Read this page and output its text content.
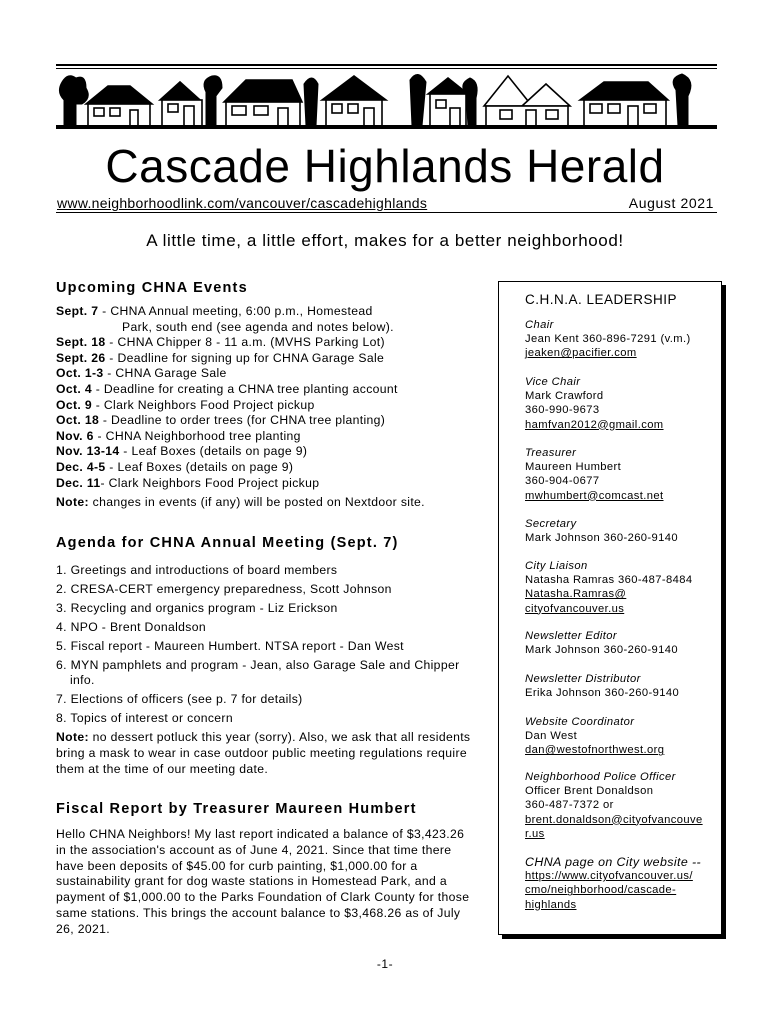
Cascade Highlands Herald
www.neighborhoodlink.com/vancouver/cascadehighlands	August 2021
A little time, a little effort, makes for a better neighborhood!
Upcoming CHNA Events
Sept. 7 - CHNA Annual meeting, 6:00 p.m., Homestead
Park, south end (see agenda and notes below).
Sept. 18 - CHNA Chipper 8 - 11 a.m. (MVHS Parking Lot)
Sept. 26 - Deadline for signing up for CHNA Garage Sale
Oct. 1-3 - CHNA Garage Sale
Oct. 4 - Deadline for creating a CHNA tree planting account
Oct. 9 - Clark Neighbors Food Project pickup
Oct. 18 - Deadline to order trees (for CHNA tree planting)
Nov. 6 - CHNA Neighborhood tree planting
Nov. 13-14 - Leaf Boxes (details on page 9)
Dec. 4-5 - Leaf Boxes (details on page 9)
Dec. 11- Clark Neighbors Food Project pickup
Note: changes in events (if any) will be posted on Nextdoor site.
Agenda for CHNA Annual Meeting (Sept. 7)
1. Greetings and introductions of board members
2. CRESA-CERT emergency preparedness, Scott Johnson
3. Recycling and organics program - Liz Erickson
4. NPO - Brent Donaldson
5. Fiscal report - Maureen Humbert. NTSA report - Dan West
6. MYN pamphlets and program - Jean, also Garage Sale and Chipper info.
7. Elections of officers (see p. 7 for details)
8. Topics of interest or concern
Note: no dessert potluck this year (sorry). Also, we ask that all residents bring a mask to wear in case outdoor public meeting regulations require them at the time of our meeting date.
Fiscal Report by Treasurer Maureen Humbert
Hello CHNA Neighbors! My last report indicated a balance of $3,423.26 in the association's account as of June 4, 2021. Since that time there have been deposits of $45.00 for curb painting, $1,000.00 for a sustainability grant for dog waste stations in Homestead Park, and a payment of $1,000.00 to the Parks Foundation of Clark County for those same stations. This brings the account balance to $3,468.26 as of July 26, 2021.
C.H.N.A. LEADERSHIP
Chair
Jean Kent 360-896-7291 (v.m.)
jeaken@pacifier.com
Vice Chair
Mark Crawford
360-990-9673
hamfvan2012@gmail.com
Treasurer
Maureen Humbert
360-904-0677
mwhumbert@comcast.net
Secretary
Mark Johnson 360-260-9140
City Liaison
Natasha Ramras 360-487-8484
Natasha.Ramras@
cityofvancouver.us
Newsletter Editor
Mark Johnson 360-260-9140
Newsletter Distributor
Erika Johnson 360-260-9140
Website Coordinator
Dan West
dan@westofnorthwest.org
Neighborhood Police Officer
Officer Brent Donaldson
360-487-7372 or
brent.donaldson@cityofvancouve
r.us
CHNA page on City website --
https://www.cityofvancouver.us/
cmo/neighborhood/cascade-
highlands
-1-
